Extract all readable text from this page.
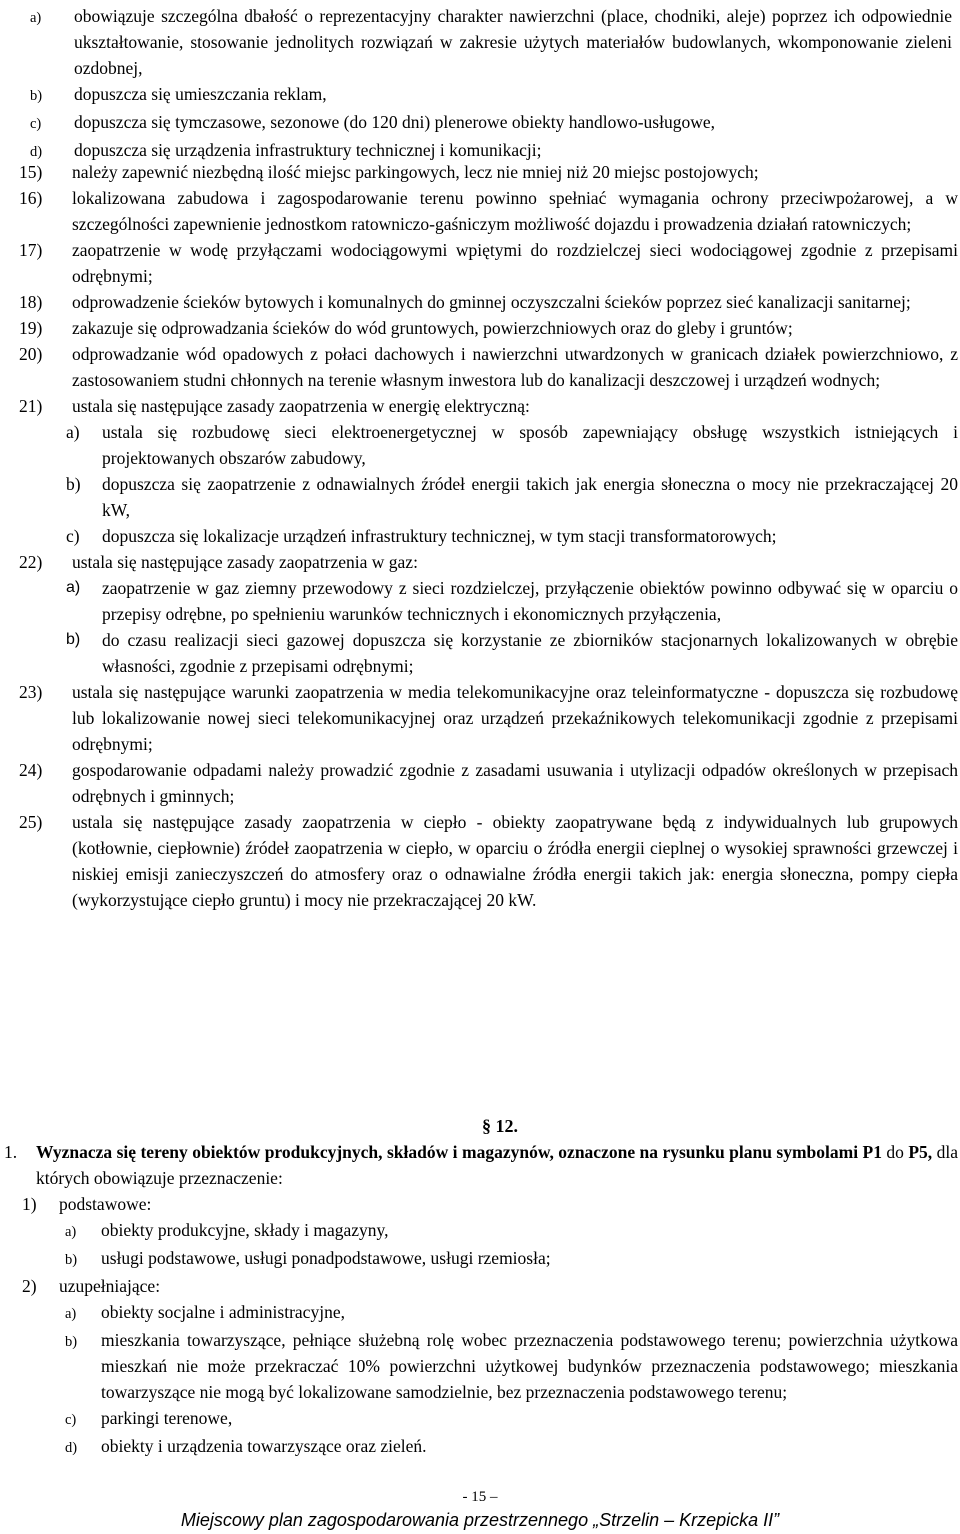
a)	obowiązuje szczególna dbałość o reprezentacyjny charakter nawierzchni (place, chodniki, aleje) poprzez ich odpowiednie ukształtowanie, stosowanie jednolitych rozwiązań w zakresie użytych materiałów budowlanych, wkomponowanie zieleni ozdobnej,
b)	dopuszcza się umieszczania reklam,
c)	dopuszcza się tymczasowe, sezonowe (do 120 dni) plenerowe obiekty handlowo-usługowe,
d)	dopuszcza się urządzenia infrastruktury technicznej i komunikacji;
15)	należy zapewnić niezbędną ilość miejsc parkingowych, lecz nie mniej niż 20 miejsc postojowych;
16)	lokalizowana zabudowa i zagospodarowanie terenu powinno spełniać wymagania ochrony przeciwpożarowej, a w szczególności zapewnienie jednostkom ratowniczo-gaśniczym możliwość dojazdu i prowadzenia działań ratowniczych;
17)	zaopatrzenie w wodę przyłączami wodociągowymi wpiętymi do rozdzielczej sieci wodociągowej zgodnie z przepisami odrębnymi;
18)	odprowadzenie ścieków bytowych i komunalnych do gminnej oczyszczalni ścieków poprzez sieć kanalizacji sanitarnej;
19)	zakazuje się odprowadzania ścieków do wód gruntowych, powierzchniowych oraz do gleby i gruntów;
20)	odprowadzanie wód opadowych z połaci dachowych i nawierzchni utwardzonych w granicach działek powierzchniowo, z zastosowaniem studni chłonnych na terenie własnym inwestora lub do kanalizacji deszczowej i urządzeń wodnych;
21)	ustala się następujące zasady zaopatrzenia w energię elektryczną:
a)	ustala się rozbudowę sieci elektroenergetycznej w sposób zapewniający obsługę wszystkich istniejących i projektowanych obszarów zabudowy,
b)	dopuszcza się zaopatrzenie z odnawialnych źródeł energii takich jak energia słoneczna o mocy nie przekraczającej 20 kW,
c)	dopuszcza się lokalizacje urządzeń infrastruktury technicznej, w tym stacji transformatorowych;
22)	ustala się następujące zasady zaopatrzenia w gaz:
a)	zaopatrzenie w gaz ziemny przewodowy z sieci rozdzielczej, przyłączenie obiektów powinno odbywać się w oparciu o przepisy odrębne, po spełnieniu warunków technicznych i ekonomicznych przyłączenia,
b)	do czasu realizacji sieci gazowej dopuszcza się korzystanie ze zbiorników stacjonarnych lokalizowanych w obrębie własności, zgodnie z przepisami odrębnymi;
23)	ustala się następujące warunki zaopatrzenia w media telekomunikacyjne oraz teleinformatyczne - dopuszcza się rozbudowę lub lokalizowanie nowej sieci telekomunikacyjnej oraz urządzeń przekaźnikowych telekomunikacji zgodnie z przepisami odrębnymi;
24)	gospodarowanie odpadami należy prowadzić zgodnie z zasadami usuwania i utylizacji odpadów określonych w przepisach odrębnych i gminnych;
25)	ustala się następujące zasady zaopatrzenia w ciepło - obiekty zaopatrywane będą z indywidualnych lub grupowych (kotłownie, ciepłownie) źródeł zaopatrzenia w ciepło, w oparciu o źródła energii cieplnej o wysokiej sprawności grzewczej i niskiej emisji zanieczyszczeń do atmosfery oraz o odnawialne źródła energii takich jak: energia słoneczna, pompy ciepła (wykorzystujące ciepło gruntu) i mocy nie przekraczającej 20 kW.
§ 12.
1.	Wyznacza się tereny obiektów produkcyjnych, składów i magazynów, oznaczone na rysunku planu symbolami P1 do P5, dla których obowiązuje przeznaczenie:
1)	podstawowe:
a)	obiekty produkcyjne, składy i magazyny,
b)	usługi podstawowe, usługi ponadpodstawowe, usługi rzemiosła;
2)	uzupełniające:
a)	obiekty socjalne i administracyjne,
b)	mieszkania towarzyszące, pełniące służebną rolę wobec przeznaczenia podstawowego terenu; powierzchnia użytkowa mieszkań nie może przekraczać 10% powierzchni użytkowej budynków przeznaczenia podstawowego; mieszkania towarzyszące nie mogą być lokalizowane samodzielnie, bez przeznaczenia podstawowego terenu;
c)	parkingi terenowe,
d)	obiekty i urządzenia towarzyszące oraz zieleń.
- 15 –
Miejscowy plan zagospodarowania przestrzennego „Strzelin – Krzepicka II”
